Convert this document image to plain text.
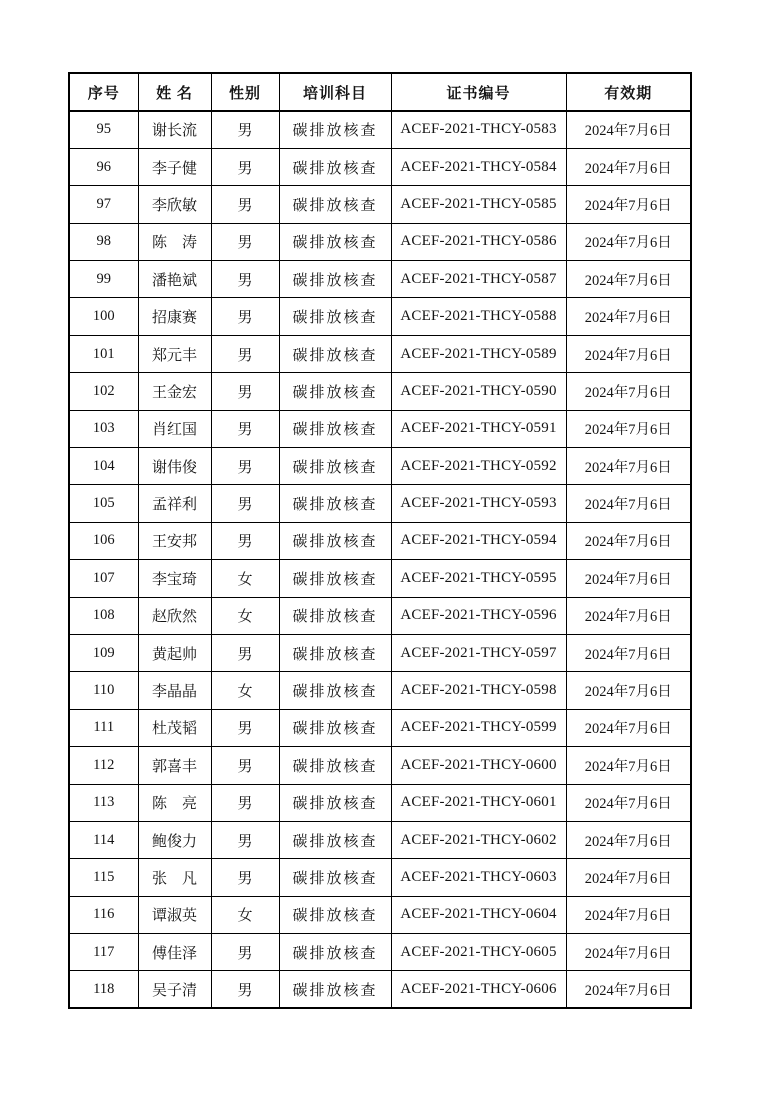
序号	姓 名	性别	培训科目	证书编号	有效期
95	谢长流	男	碳排放核查	ACEF-2021-THCY-0583	2024年7月6日
96	李子健	男	碳排放核查	ACEF-2021-THCY-0584	2024年7月6日
97	李欣敏	男	碳排放核查	ACEF-2021-THCY-0585	2024年7月6日
98	陈　涛	男	碳排放核查	ACEF-2021-THCY-0586	2024年7月6日
99	潘艳斌	男	碳排放核查	ACEF-2021-THCY-0587	2024年7月6日
100	招康赛	男	碳排放核查	ACEF-2021-THCY-0588	2024年7月6日
101	郑元丰	男	碳排放核查	ACEF-2021-THCY-0589	2024年7月6日
102	王金宏	男	碳排放核查	ACEF-2021-THCY-0590	2024年7月6日
103	肖红国	男	碳排放核查	ACEF-2021-THCY-0591	2024年7月6日
104	谢伟俊	男	碳排放核查	ACEF-2021-THCY-0592	2024年7月6日
105	孟祥利	男	碳排放核查	ACEF-2021-THCY-0593	2024年7月6日
106	王安邦	男	碳排放核查	ACEF-2021-THCY-0594	2024年7月6日
107	李宝琦	女	碳排放核查	ACEF-2021-THCY-0595	2024年7月6日
108	赵欣然	女	碳排放核查	ACEF-2021-THCY-0596	2024年7月6日
109	黄起帅	男	碳排放核查	ACEF-2021-THCY-0597	2024年7月6日
110	李晶晶	女	碳排放核查	ACEF-2021-THCY-0598	2024年7月6日
111	杜茂韬	男	碳排放核查	ACEF-2021-THCY-0599	2024年7月6日
112	郭喜丰	男	碳排放核查	ACEF-2021-THCY-0600	2024年7月6日
113	陈　亮	男	碳排放核查	ACEF-2021-THCY-0601	2024年7月6日
114	鲍俊力	男	碳排放核查	ACEF-2021-THCY-0602	2024年7月6日
115	张　凡	男	碳排放核查	ACEF-2021-THCY-0603	2024年7月6日
116	谭淑英	女	碳排放核查	ACEF-2021-THCY-0604	2024年7月6日
117	傅佳泽	男	碳排放核查	ACEF-2021-THCY-0605	2024年7月6日
118	吴子清	男	碳排放核查	ACEF-2021-THCY-0606	2024年7月6日
